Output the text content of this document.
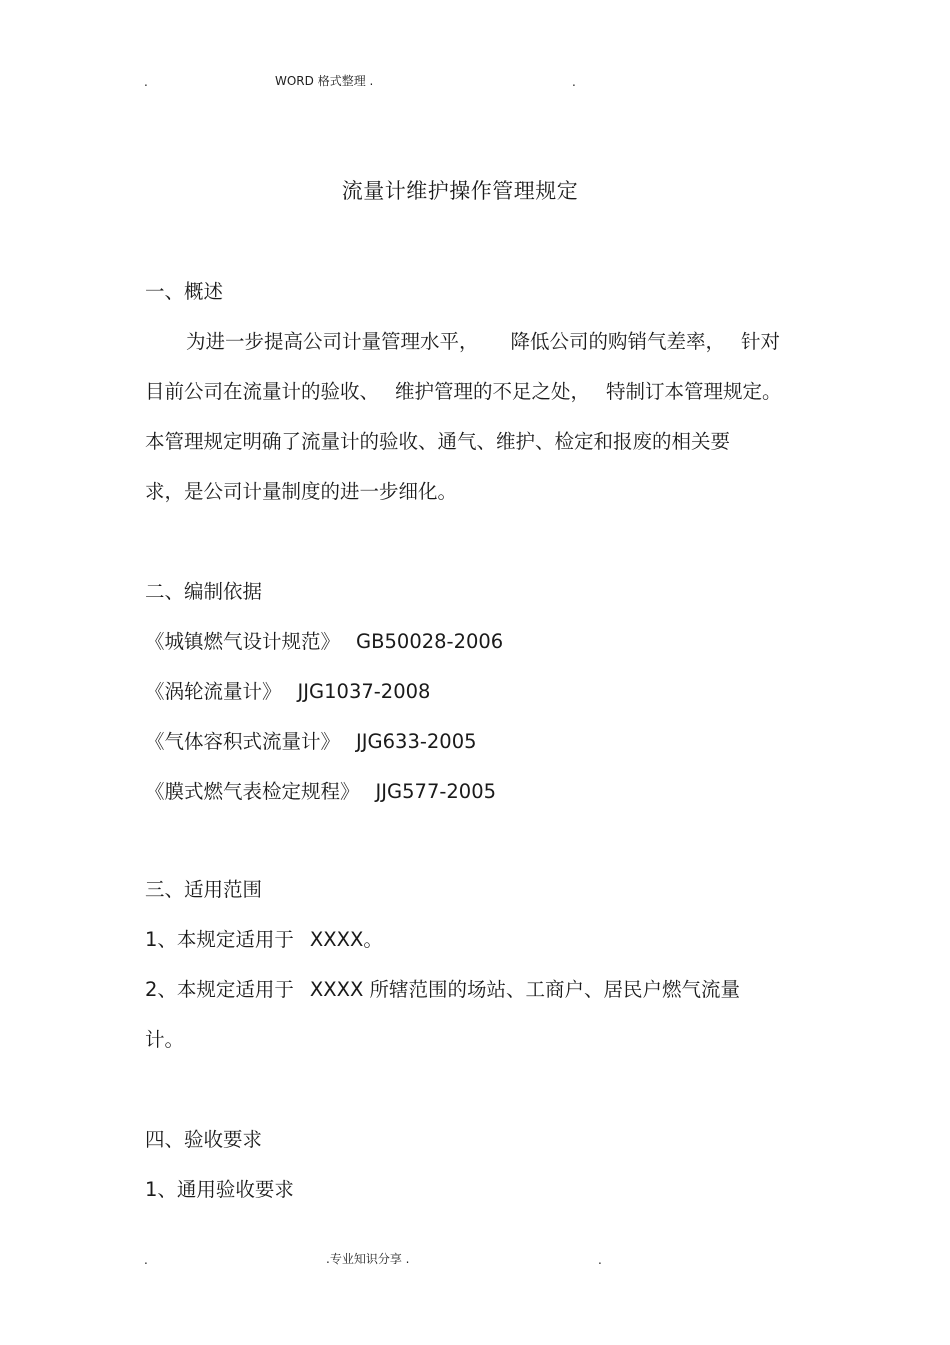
.	WORD 格式整理 .	.
流量计维护操作管理规定
一、概述
为进一步提高公司计量管理水平， 降低公司的购销气差率， 针对
目前公司在流量计的验收、 维护管理的不足之处， 特制订本管理规定。
本管理规定明确了流量计的验收、通气、维护、检定和报废的相关要
求，是公司计量制度的进一步细化。
二、编制依据
《城镇燃气设计规范》 GB50028-2006
《涡轮流量计》 JJG1037-2008
《气体容积式流量计》 JJG633-2005
《膜式燃气表检定规程》 JJG577-2005
三、适用范围
1、本规定适用于 XXXX。
2、本规定适用于 XXXX 所辖范围的场站、工商户、居民户燃气流量
计。
四、验收要求
1、通用验收要求
.	.专业知识分享 .	.
